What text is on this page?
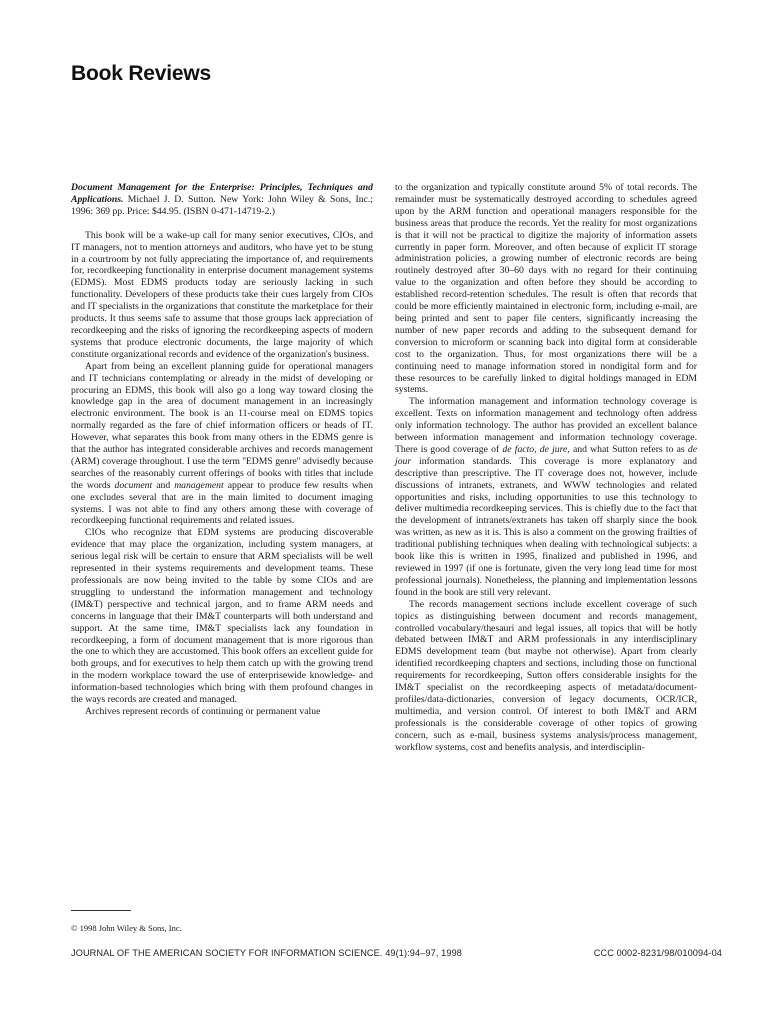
Book Reviews

Document Management for the Enterprise: Principles, Techniques and Applications. Michael J. D. Sutton. New York: John Wiley & Sons, Inc.; 1996: 369 pp. Price: $44.95. (ISBN 0-471-14719-2.)

This book will be a wake-up call for many senior executives, CIOs, and IT managers, not to mention attorneys and auditors, who have yet to be stung in a courtroom by not fully appreciating the importance of, and requirements for, recordkeeping functionality in enterprise document management systems (EDMS). Most EDMS products today are seriously lacking in such functionality. Developers of these products take their cues largely from CIOs and IT specialists in the organizations that constitute the marketplace for their products. It thus seems safe to assume that those groups lack appreciation of recordkeeping and the risks of ignoring the recordkeeping aspects of modern systems that produce electronic documents, the large majority of which constitute organizational records and evidence of the organization's business.

Apart from being an excellent planning guide for operational managers and IT technicians contemplating or already in the midst of developing or procuring an EDMS, this book will also go a long way toward closing the knowledge gap in the area of document management in an increasingly electronic environment. The book is an 11-course meal on EDMS topics normally regarded as the fare of chief information officers or heads of IT. However, what separates this book from many others in the EDMS genre is that the author has integrated considerable archives and records management (ARM) coverage throughout. I use the term ''EDMS genre'' advisedly because searches of the reasonably current offerings of books with titles that include the words document and management appear to produce few results when one excludes several that are in the main limited to document imaging systems. I was not able to find any others among these with coverage of recordkeeping functional requirements and related issues.

CIOs who recognize that EDM systems are producing discoverable evidence that may place the organization, including system managers, at serious legal risk will be certain to ensure that ARM specialists will be well represented in their systems requirements and development teams. These professionals are now being invited to the table by some CIOs and are struggling to understand the information management and technology (IM&T) perspective and technical jargon, and to frame ARM needs and concerns in language that their IM&T counterparts will both understand and support. At the same time, IM&T specialists lack any foundation in recordkeeping, a form of document management that is more rigorous than the one to which they are accustomed. This book offers an excellent guide for both groups, and for executives to help them catch up with the growing trend in the modern workplace toward the use of enterprisewide knowledge- and information-based technologies which bring with them profound changes in the ways records are created and managed.

Archives represent records of continuing or permanent value

to the organization and typically constitute around 5% of total records. The remainder must be systematically destroyed according to schedules agreed upon by the ARM function and operational managers responsible for the business areas that produce the records. Yet the reality for most organizations is that it will not be practical to digitize the majority of information assets currently in paper form. Moreover, and often because of explicit IT storage administration policies, a growing number of electronic records are being routinely destroyed after 30–60 days with no regard for their continuing value to the organization and often before they should be according to established record-retention schedules. The result is often that records that could be more efficiently maintained in electronic form, including e-mail, are being printed and sent to paper file centers, significantly increasing the number of new paper records and adding to the subsequent demand for conversion to microform or scanning back into digital form at considerable cost to the organization. Thus, for most organizations there will be a continuing need to manage information stored in nondigital form and for these resources to be carefully linked to digital holdings managed in EDM systems.

The information management and information technology coverage is excellent. Texts on information management and technology often address only information technology. The author has provided an excellent balance between information management and information technology coverage. There is good coverage of de facto, de jure, and what Sutton refers to as de jour information standards. This coverage is more explanatory and descriptive than prescriptive. The IT coverage does not, however, include discussions of intranets, extranets, and WWW technologies and related opportunities and risks, including opportunities to use this technology to deliver multimedia recordkeeping services. This is chiefly due to the fact that the development of intranets/extranets has taken off sharply since the book was written, as new as it is. This is also a comment on the growing frailties of traditional publishing techniques when dealing with technological subjects: a book like this is written in 1995, finalized and published in 1996, and reviewed in 1997 (if one is fortunate, given the very long lead time for most professional journals). Nonetheless, the planning and implementation lessons found in the book are still very relevant.

The records management sections include excellent coverage of such topics as distinguishing between document and records management, controlled vocabulary/thesauri and legal issues, all topics that will be hotly debated between IM&T and ARM professionals in any interdisciplinary EDMS development team (but maybe not otherwise). Apart from clearly identified recordkeeping chapters and sections, including those on functional requirements for recordkeeping, Sutton offers considerable insights for the IM&T specialist on the recordkeeping aspects of metadata/document-profiles/data-dictionaries, conversion of legacy documents, OCR/ICR, multimedia, and version control. Of interest to both IM&T and ARM professionals is the considerable coverage of other topics of growing concern, such as e-mail, business systems analysis/process management, workflow systems, cost and benefits analysis, and interdisciplin-

© 1998 John Wiley & Sons, Inc.
JOURNAL OF THE AMERICAN SOCIETY FOR INFORMATION SCIENCE. 49(1):94–97, 1998	CCC 0002-8231/98/010094-04
